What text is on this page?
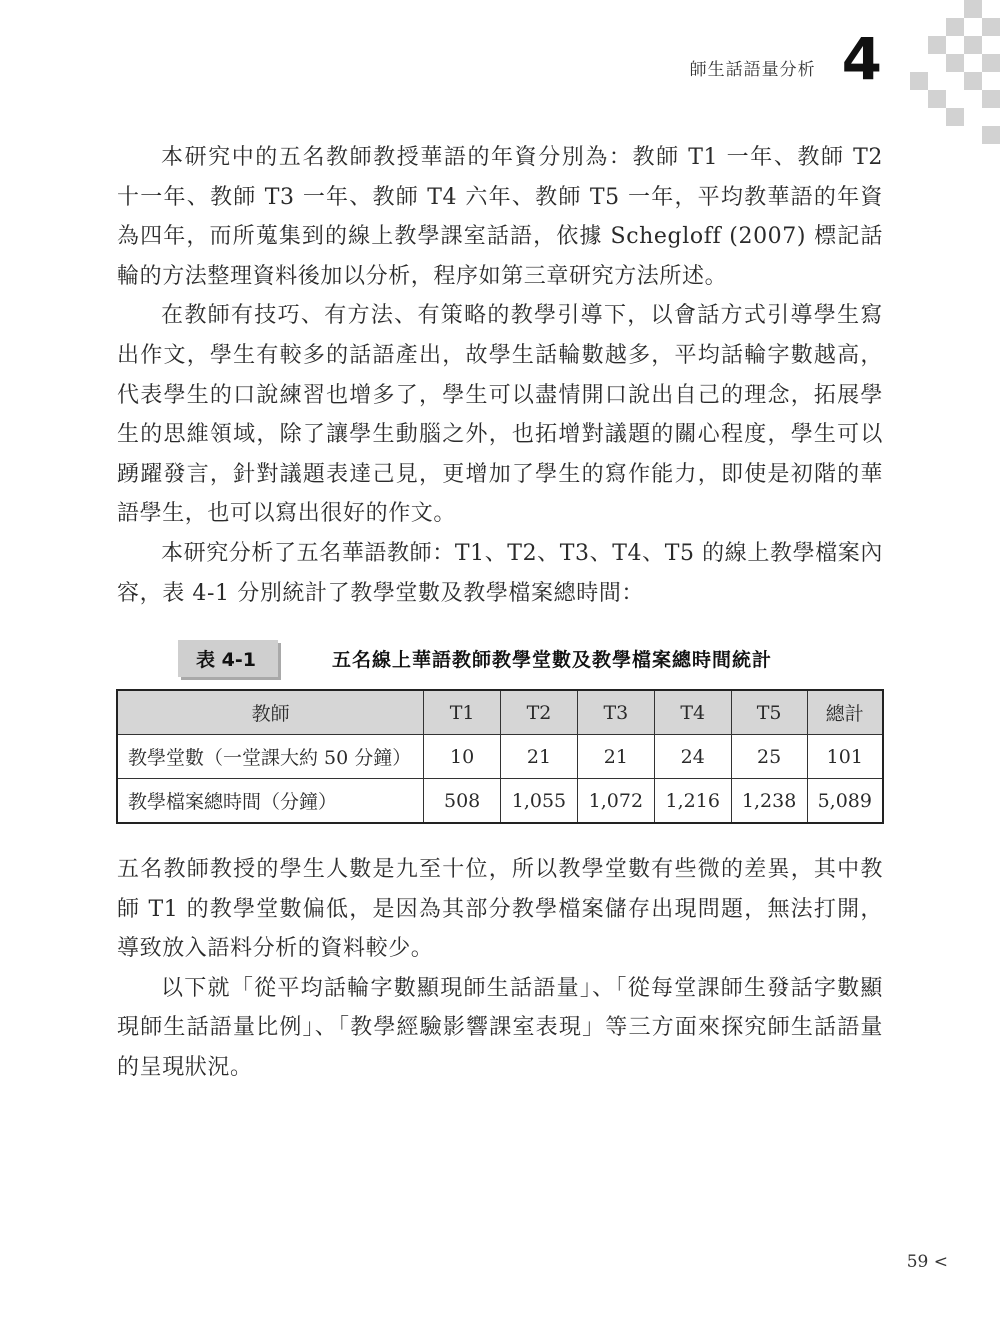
師生話語量分析 4

本研究中的五名教師教授華語的年資分別為：教師 T1 一年、教師 T2 十一年、教師 T3 一年、教師 T4 六年、教師 T5 一年，平均教華語的年資為四年，而所蒐集到的線上教學課室話語，依據 Schegloff (2007) 標記話輪的方法整理資料後加以分析，程序如第三章研究方法所述。

在教師有技巧、有方法、有策略的教學引導下，以會話方式引導學生寫出作文，學生有較多的話語產出，故學生話輪數越多，平均話輪字數越高，代表學生的口說練習也增多了，學生可以盡情開口說出自己的理念，拓展學生的思維領域，除了讓學生動腦之外，也拓增對議題的關心程度，學生可以踴躍發言，針對議題表達己見，更增加了學生的寫作能力，即使是初階的華語學生，也可以寫出很好的作文。

本研究分析了五名華語教師：T1、T2、T3、T4、T5 的線上教學檔案內容，表 4-1 分別統計了教學堂數及教學檔案總時間：

表 4-1	五名線上華語教師教學堂數及教學檔案總時間統計
教師	T1	T2	T3	T4	T5	總計
教學堂數（一堂課大約 50 分鐘）	10	21	21	24	25	101
教學檔案總時間（分鐘）	508	1,055	1,072	1,216	1,238	5,089

五名教師教授的學生人數是九至十位，所以教學堂數有些微的差異，其中教師 T1 的教學堂數偏低，是因為其部分教學檔案儲存出現問題，無法打開，導致放入語料分析的資料較少。

以下就「從平均話輪字數顯現師生話語量」、「從每堂課師生發話字數顯現師生話語量比例」、「教學經驗影響課室表現」等三方面來探究師生話語量的呈現狀況。

59 <
